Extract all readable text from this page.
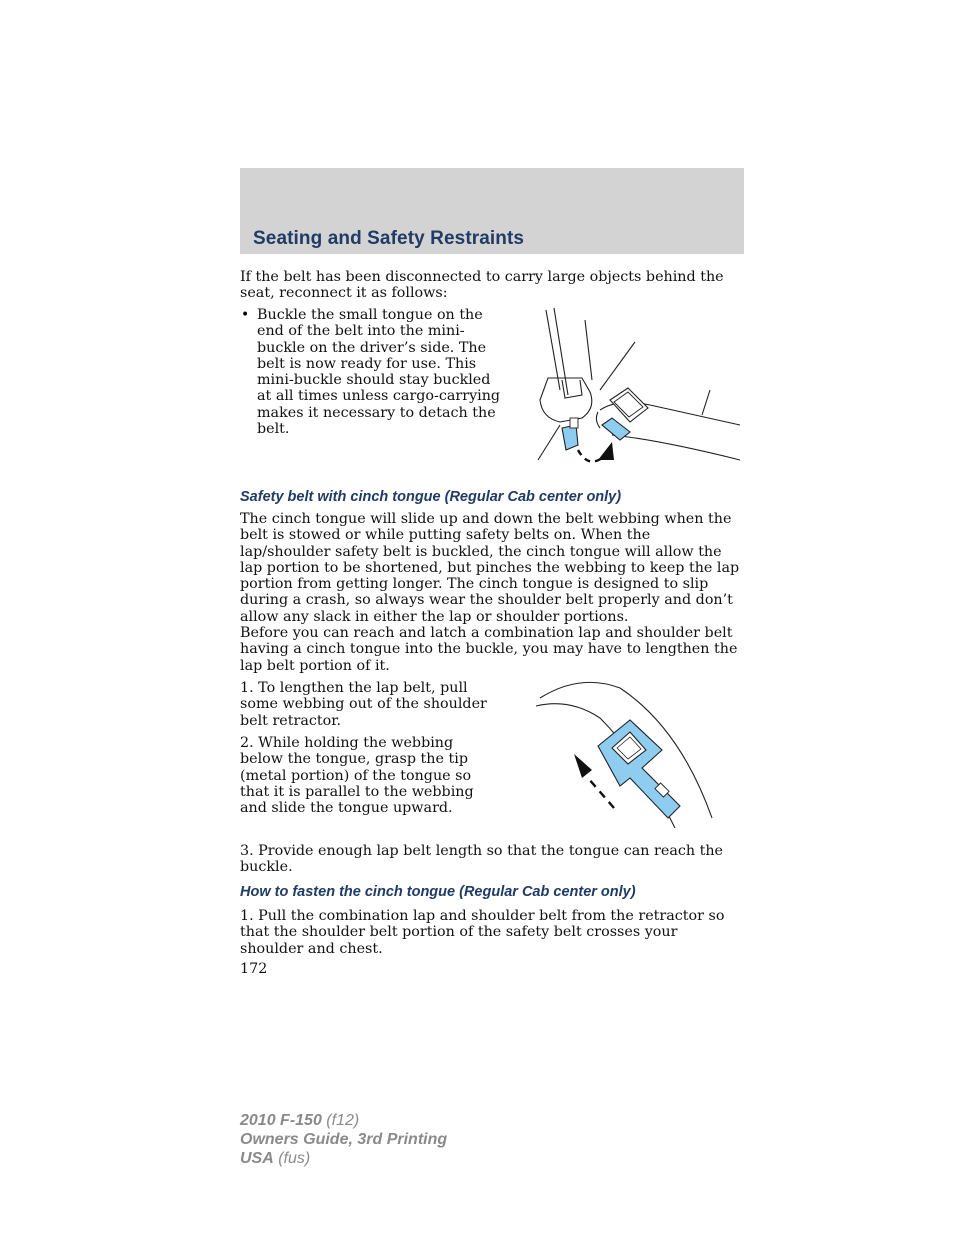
Seating and Safety Restraints

If the belt has been disconnected to carry large objects behind the seat, reconnect it as follows:

• Buckle the small tongue on the end of the belt into the mini-buckle on the driver’s side. The belt is now ready for use. This mini-buckle should stay buckled at all times unless cargo-carrying makes it necessary to detach the belt.
Safety belt with cinch tongue (Regular Cab center only)

The cinch tongue will slide up and down the belt webbing when the belt is stowed or while putting safety belts on. When the lap/shoulder safety belt is buckled, the cinch tongue will allow the lap portion to be shortened, but pinches the webbing to keep the lap portion from getting longer. The cinch tongue is designed to slip during a crash, so always wear the shoulder belt properly and don’t allow any slack in either the lap or shoulder portions.

Before you can reach and latch a combination lap and shoulder belt having a cinch tongue into the buckle, you may have to lengthen the lap belt portion of it.

1. To lengthen the lap belt, pull some webbing out of the shoulder belt retractor.

2. While holding the webbing below the tongue, grasp the tip (metal portion) of the tongue so that it is parallel to the webbing and slide the tongue upward.

3. Provide enough lap belt length so that the tongue can reach the buckle.

How to fasten the cinch tongue (Regular Cab center only)

1. Pull the combination lap and shoulder belt from the retractor so that the shoulder belt portion of the safety belt crosses your shoulder and chest.

172
2010 F-150 (f12)
Owners Guide, 3rd Printing
USA (fus)
